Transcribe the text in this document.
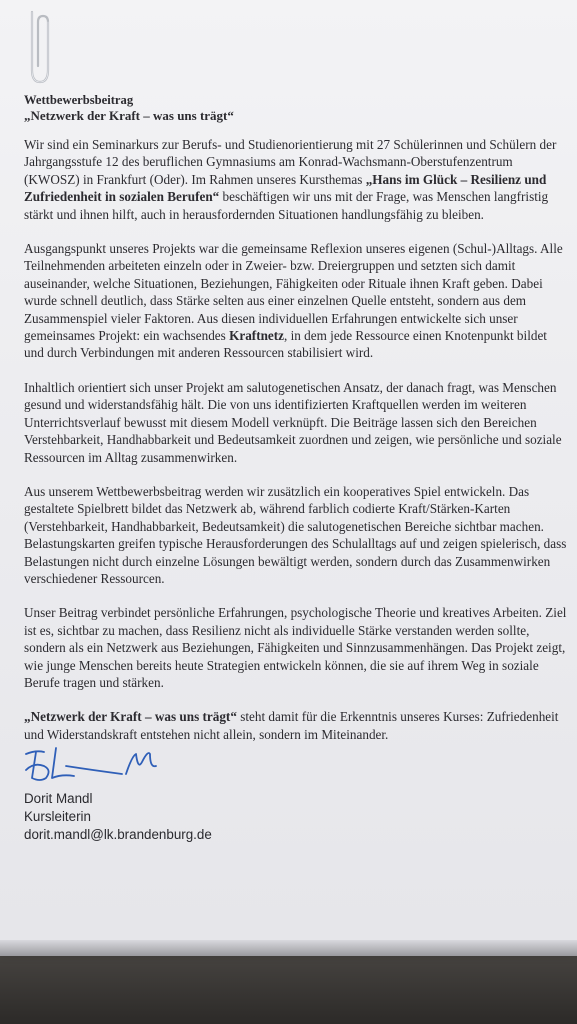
Wettbewerbsbeitrag

„Netzwerk der Kraft – was uns trägt“

Wir sind ein Seminarkurs zur Berufs- und Studienorientierung mit 27 Schülerinnen und Schülern der Jahrgangsstufe 12 des beruflichen Gymnasiums am Konrad-Wachsmann-Oberstufenzentrum (KWOSZ) in Frankfurt (Oder). Im Rahmen unseres Kursthemas „Hans im Glück – Resilienz und Zufriedenheit in sozialen Berufen“ beschäftigen wir uns mit der Frage, was Menschen langfristig stärkt und ihnen hilft, auch in herausfordernden Situationen handlungsfähig zu bleiben.

Ausgangspunkt unseres Projekts war die gemeinsame Reflexion unseres eigenen (Schul-)Alltags. Alle Teilnehmenden arbeiteten einzeln oder in Zweier- bzw. Dreiergruppen und setzten sich damit auseinander, welche Situationen, Beziehungen, Fähigkeiten oder Rituale ihnen Kraft geben. Dabei wurde schnell deutlich, dass Stärke selten aus einer einzelnen Quelle entsteht, sondern aus dem Zusammenspiel vieler Faktoren. Aus diesen individuellen Erfahrungen entwickelte sich unser gemeinsames Projekt: ein wachsendes Kraftnetz, in dem jede Ressource einen Knotenpunkt bildet und durch Verbindungen mit anderen Ressourcen stabilisiert wird.

Inhaltlich orientiert sich unser Projekt am salutogenetischen Ansatz, der danach fragt, was Menschen gesund und widerstandsfähig hält. Die von uns identifizierten Kraftquellen werden im weiteren Unterrichtsverlauf bewusst mit diesem Modell verknüpft. Die Beiträge lassen sich den Bereichen Verstehbarkeit, Handhabbarkeit und Bedeutsamkeit zuordnen und zeigen, wie persönliche und soziale Ressourcen im Alltag zusammenwirken.

Aus unserem Wettbewerbsbeitrag werden wir zusätzlich ein kooperatives Spiel entwickeln. Das gestaltete Spielbrett bildet das Netzwerk ab, während farblich codierte Kraft/Stärken-Karten (Verstehbarkeit, Handhabbarkeit, Bedeutsamkeit) die salutogenetischen Bereiche sichtbar machen. Belastungskarten greifen typische Herausforderungen des Schulalltags auf und zeigen spielerisch, dass Belastungen nicht durch einzelne Lösungen bewältigt werden, sondern durch das Zusammenwirken verschiedener Ressourcen.

Unser Beitrag verbindet persönliche Erfahrungen, psychologische Theorie und kreatives Arbeiten. Ziel ist es, sichtbar zu machen, dass Resilienz nicht als individuelle Stärke verstanden werden sollte, sondern als ein Netzwerk aus Beziehungen, Fähigkeiten und Sinnzusammenhängen. Das Projekt zeigt, wie junge Menschen bereits heute Strategien entwickeln können, die sie auf ihrem Weg in soziale Berufe tragen und stärken.

„Netzwerk der Kraft – was uns trägt“ steht damit für die Erkenntnis unseres Kurses: Zufriedenheit und Widerstandskraft entstehen nicht allein, sondern im Miteinander.

Dorit Mandl
Kursleiterin
dorit.mandl@lk.brandenburg.de
